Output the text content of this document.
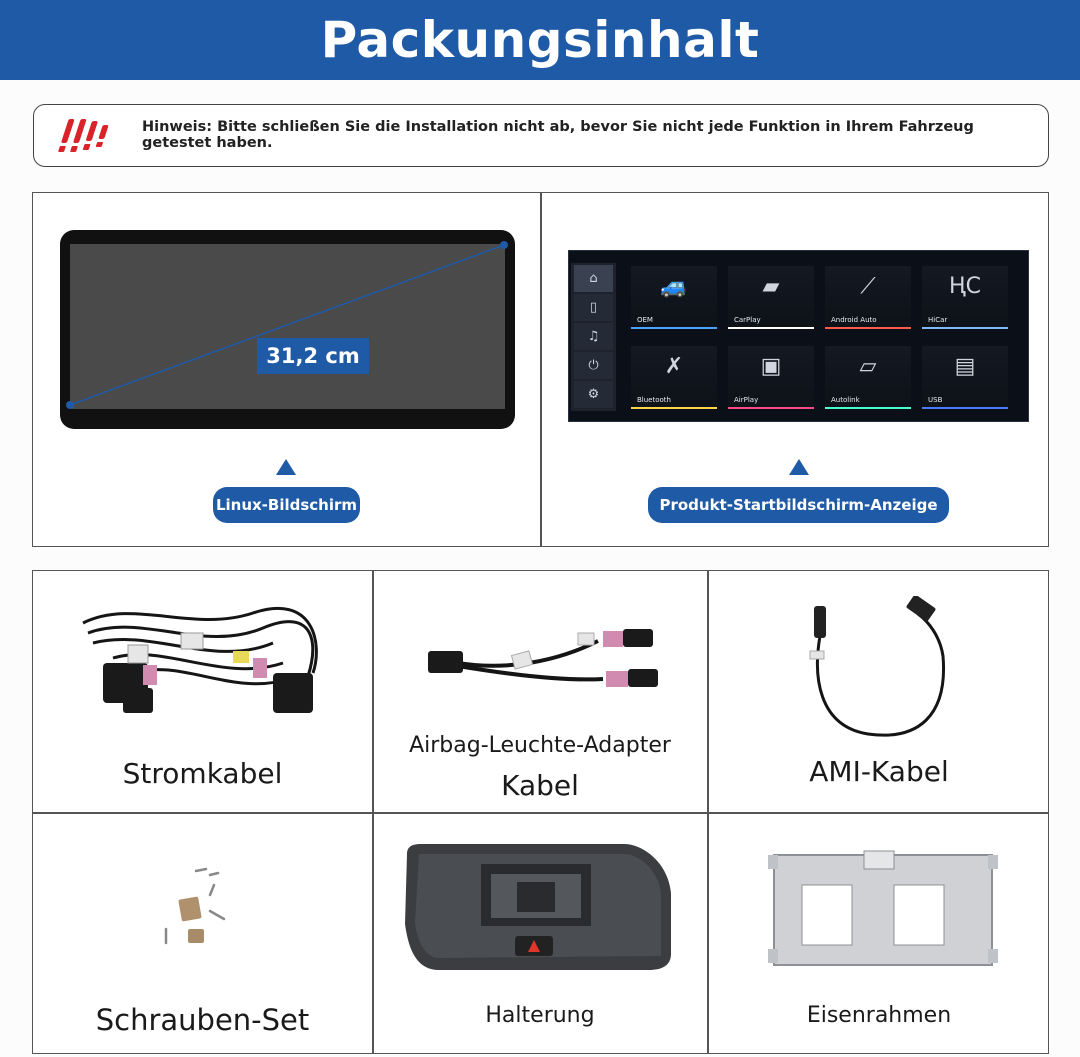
Packungsinhalt
Hinweis: Bitte schließen Sie die Installation nicht ab, bevor Sie nicht jede Funktion in Ihrem Fahrzeug getestet haben.
31,2 cm
Linux-Bildschirm
⌂
▯
♫
⏻
⚙
🚙
OEM
▰
CarPlay
⟋
Android Auto
ⱧC
HiCar
✗
Bluetooth
▣
AirPlay
▱
Autolink
▤
USB
Produkt-Startbildschirm-Anzeige
Stromkabel
Airbag-Leuchte-Adapter
Kabel	AMI-Kabel
Schrauben-Set	Halterung	Eisenrahmen
